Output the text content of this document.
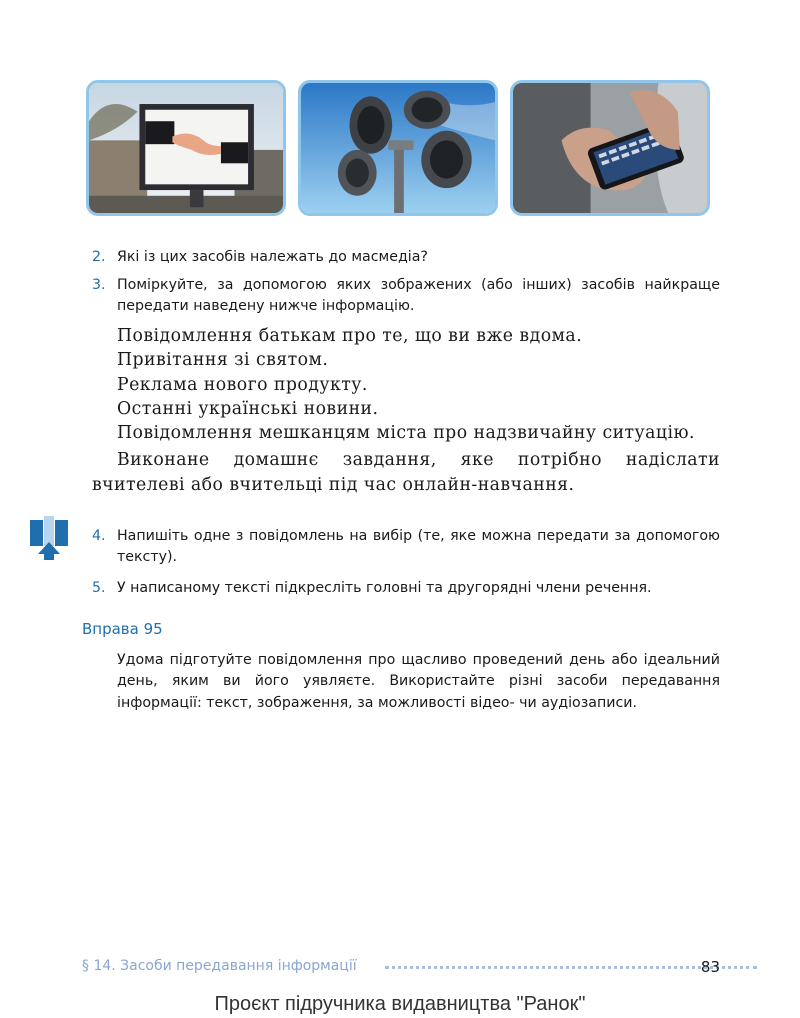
2. Які із цих засобів належать до масмедіа?
3. Поміркуйте, за допомогою яких зображених (або інших) засобів найкраще передати наведену нижче інформацію.

Повідомлення батькам про те, що ви вже вдома.

Привітання зі святом.

Реклама нового продукту.

Останні українські новини.

Повідомлення мешканцям міста про надзвичайну ситуацію.

Виконане домашнє завдання, яке потрібно надіслати вчителеві або вчительці під час онлайн-навчання.

4. Напишіть одне з повідомлень на вибір (те, яке можна передати за допомогою тексту).
5. У написаному тексті підкресліть головні та другорядні члени речення.
Вправа 95
Удома підготуйте повідомлення про щасливо проведений день або ідеальний день, яким ви його уявляєте. Використайте різні засоби передавання інформації: текст, зображення, за можливості відео- чи аудіозаписи.
§ 14. Засоби передавання інформації	83
Проєкт підручника видавництва "Ранок"
